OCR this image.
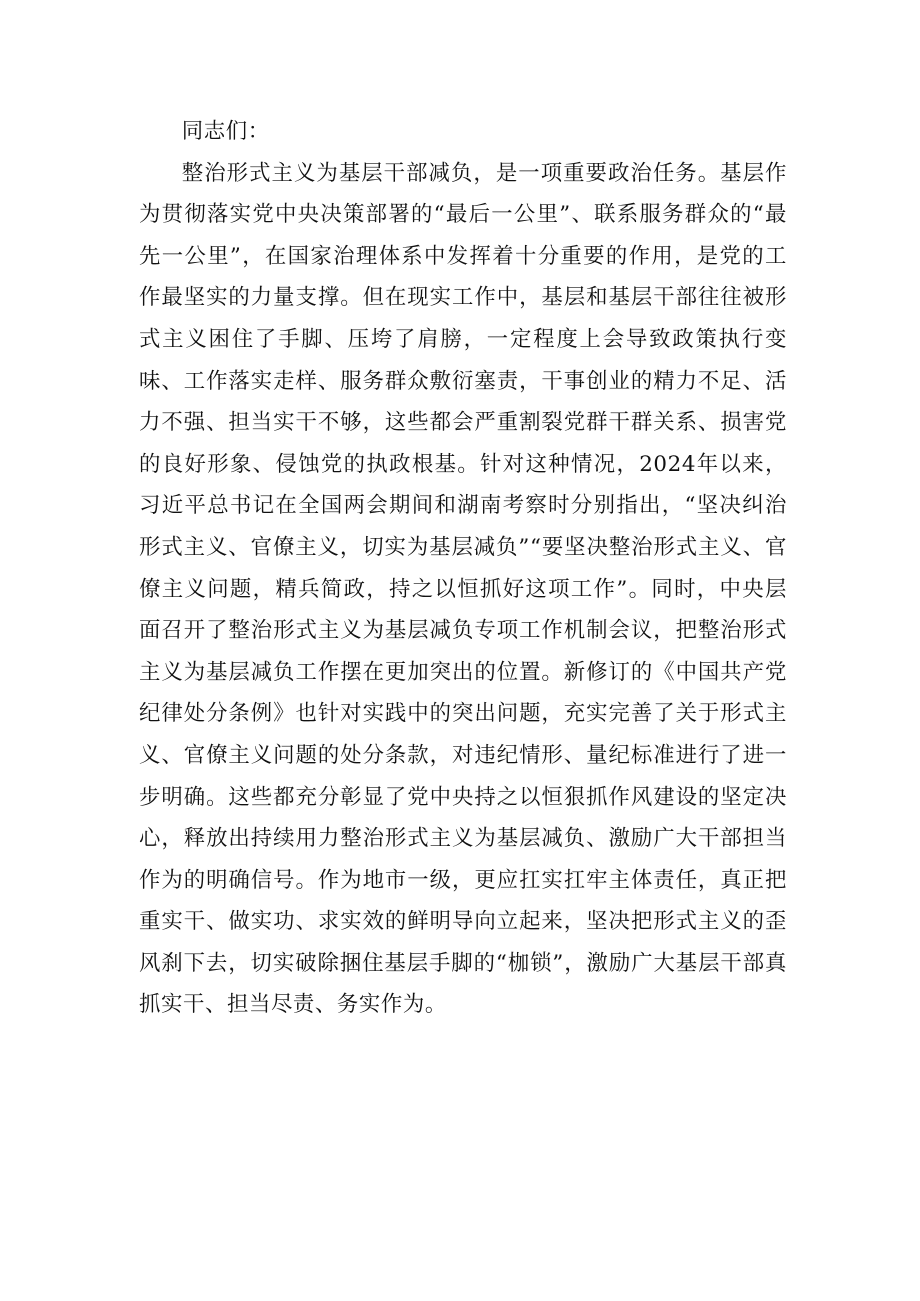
同志们：

整治形式主义为基层干部减负，是一项重要政治任务。基层作为贯彻落实党中央决策部署的“最后一公里”、联系服务群众的“最先一公里”，在国家治理体系中发挥着十分重要的作用，是党的工作最坚实的力量支撑。但在现实工作中，基层和基层干部往往被形式主义困住了手脚、压垮了肩膀，一定程度上会导致政策执行变味、工作落实走样、服务群众敷衍塞责，干事创业的精力不足、活力不强、担当实干不够，这些都会严重割裂党群干群关系、损害党的良好形象、侵蚀党的执政根基。针对这种情况，2024年以来，习近平总书记在全国两会期间和湖南考察时分别指出，“坚决纠治形式主义、官僚主义，切实为基层减负”“要坚决整治形式主义、官僚主义问题，精兵简政，持之以恒抓好这项工作”。同时，中央层面召开了整治形式主义为基层减负专项工作机制会议，把整治形式主义为基层减负工作摆在更加突出的位置。新修订的《中国共产党纪律处分条例》也针对实践中的突出问题，充实完善了关于形式主义、官僚主义问题的处分条款，对违纪情形、量纪标准进行了进一步明确。这些都充分彰显了党中央持之以恒狠抓作风建设的坚定决心，释放出持续用力整治形式主义为基层减负、激励广大干部担当作为的明确信号。作为地市一级，更应扛实扛牢主体责任，真正把重实干、做实功、求实效的鲜明导向立起来，坚决把形式主义的歪风刹下去，切实破除捆住基层手脚的“枷锁”，激励广大基层干部真抓实干、担当尽责、务实作为。
